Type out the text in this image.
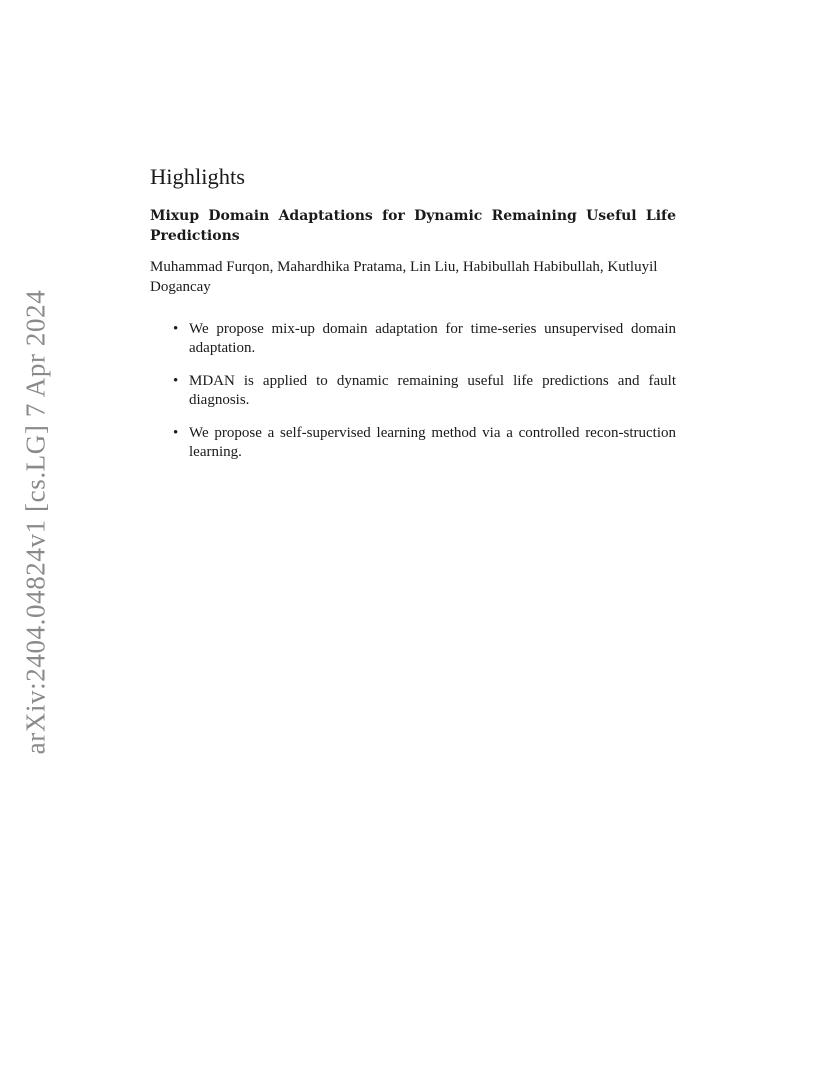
arXiv:2404.04824v1 [cs.LG] 7 Apr 2024
Highlights
Mixup Domain Adaptations for Dynamic Remaining Useful Life Predictions
Muhammad Furqon, Mahardhika Pratama, Lin Liu, Habibullah Habibullah, Kutluyil Dogancay
• We propose mix-up domain adaptation for time-series unsupervised domain adaptation.
• MDAN is applied to dynamic remaining useful life predictions and fault diagnosis.
• We propose a self-supervised learning method via a controlled recon-struction learning.
